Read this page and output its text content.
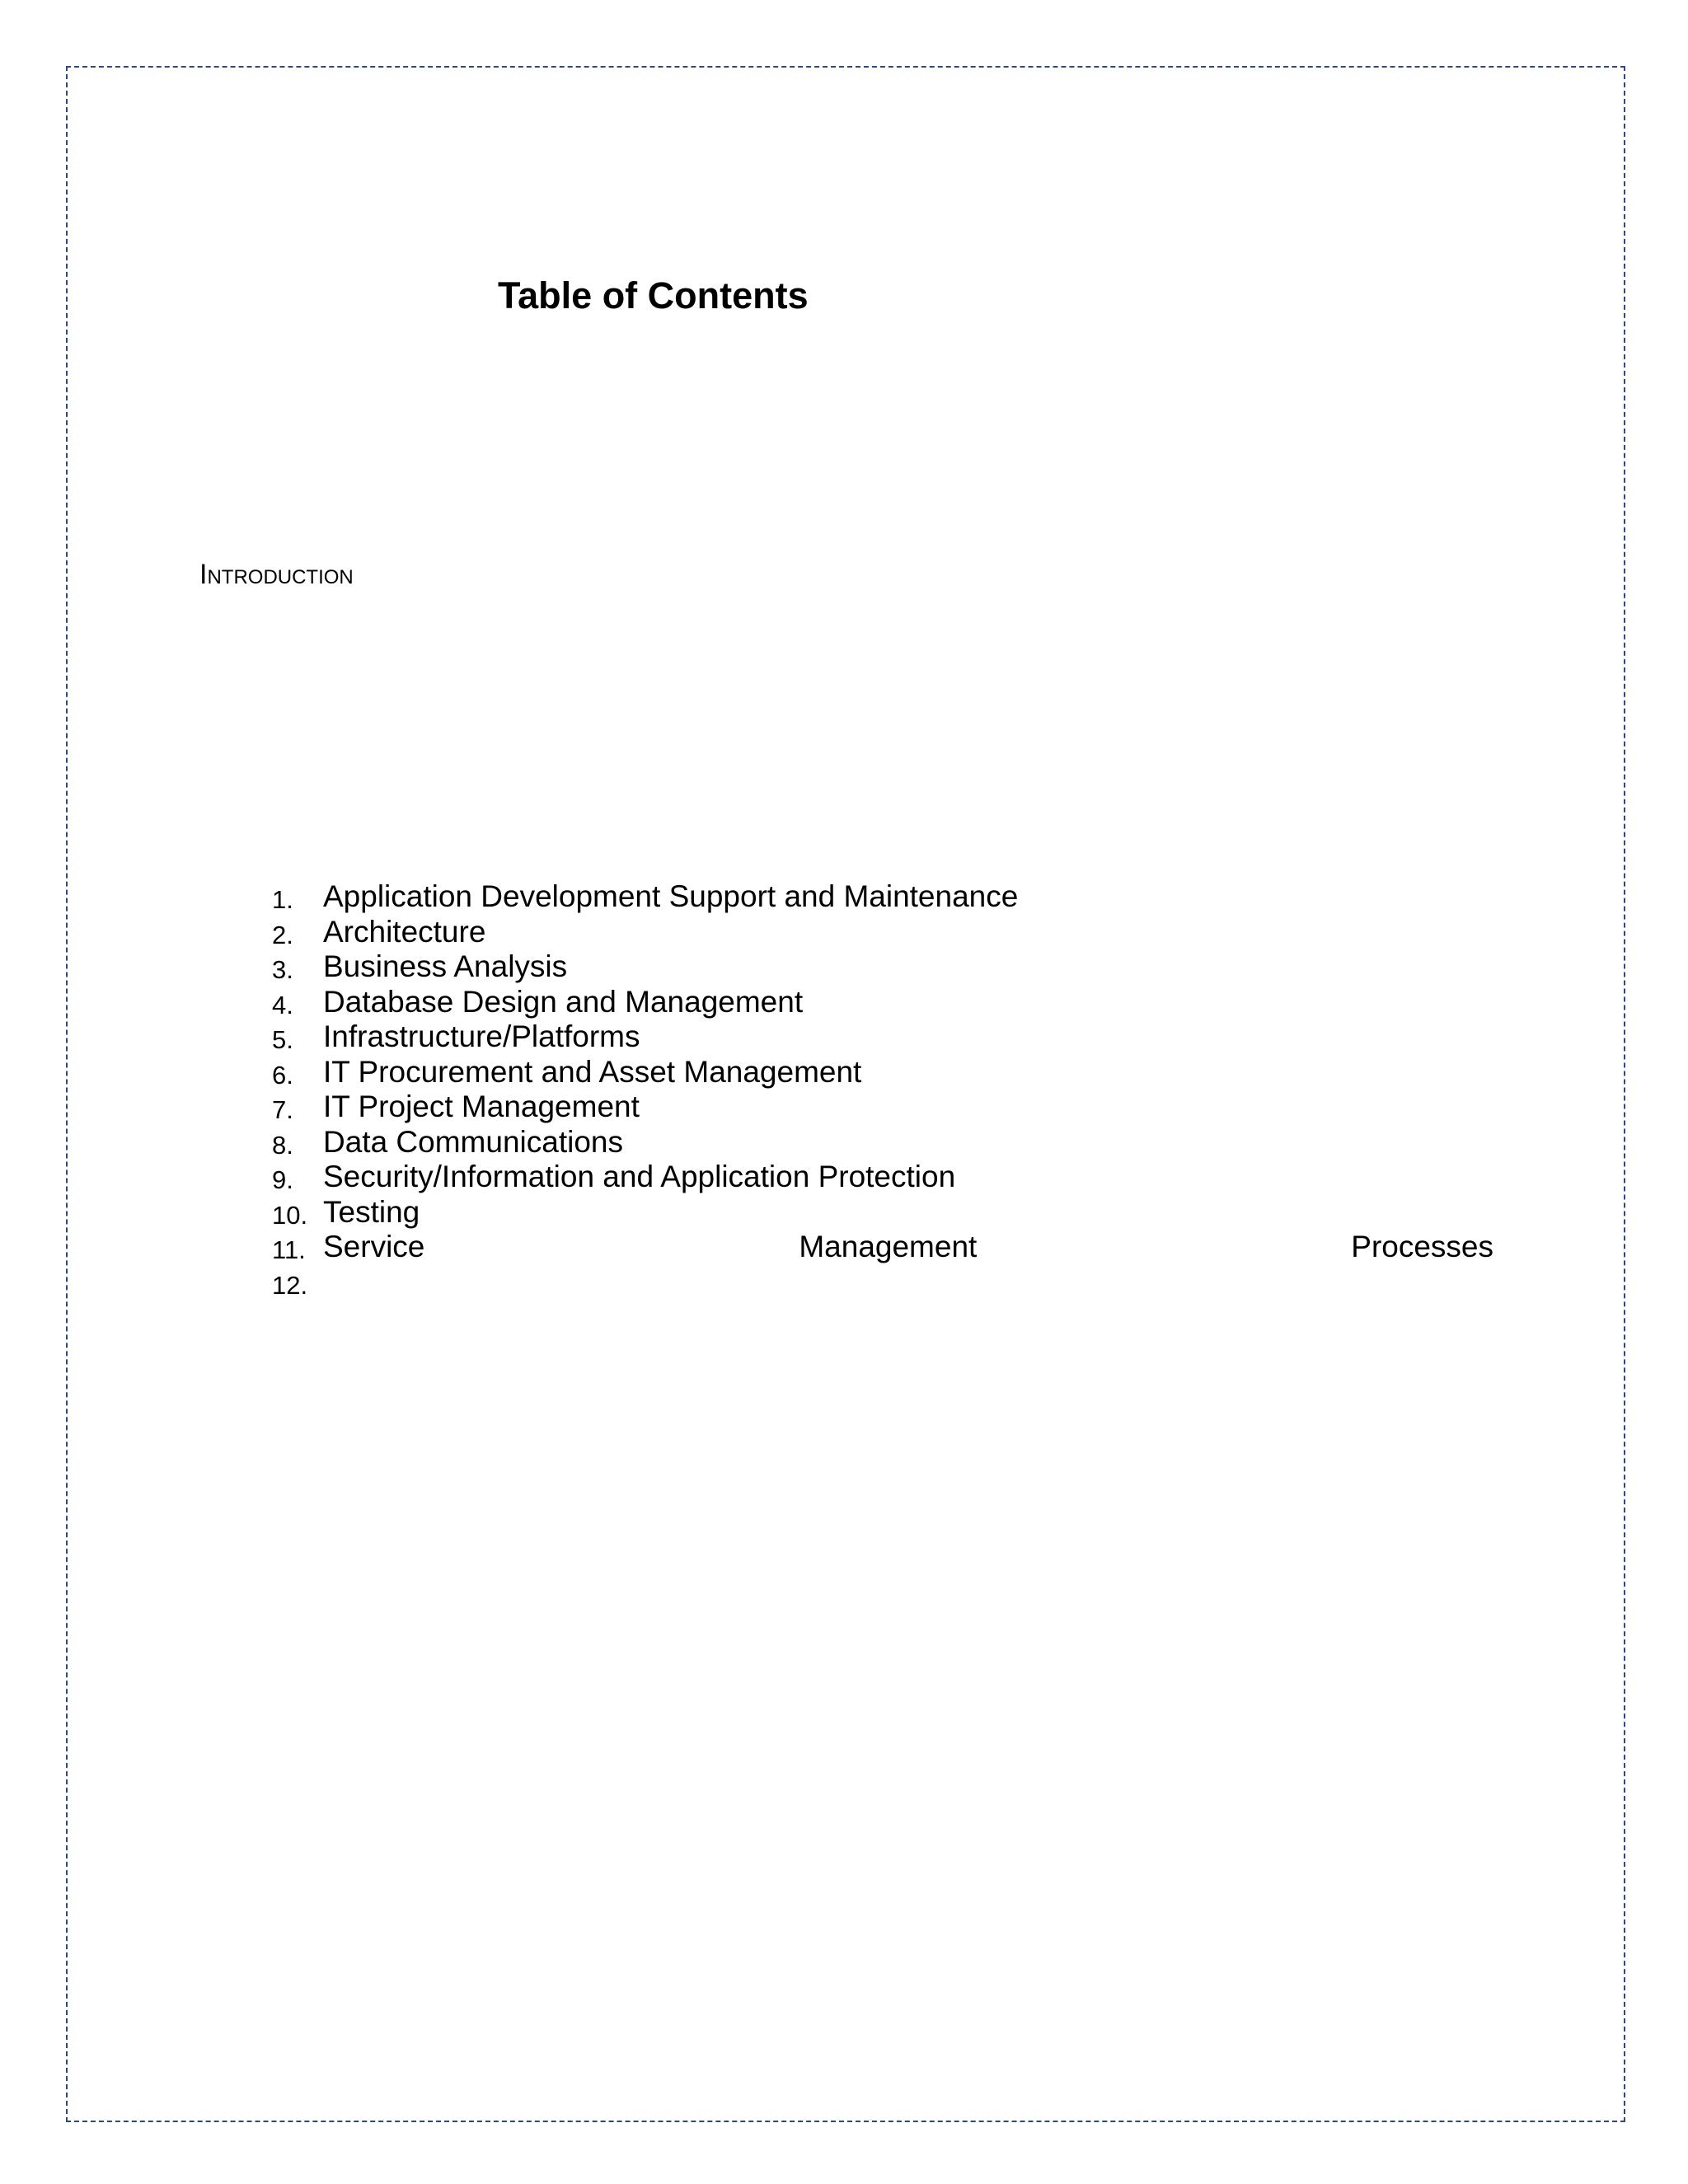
Table of Contents
Introduction
1. Application Development Support and Maintenance
2. Architecture
3. Business Analysis
4. Database Design and Management
5. Infrastructure/Platforms
6. IT Procurement and Asset Management
7. IT Project Management
8. Data Communications
9. Security/Information and Application Protection
10. Testing
11. Service	Management	Processes
12.
